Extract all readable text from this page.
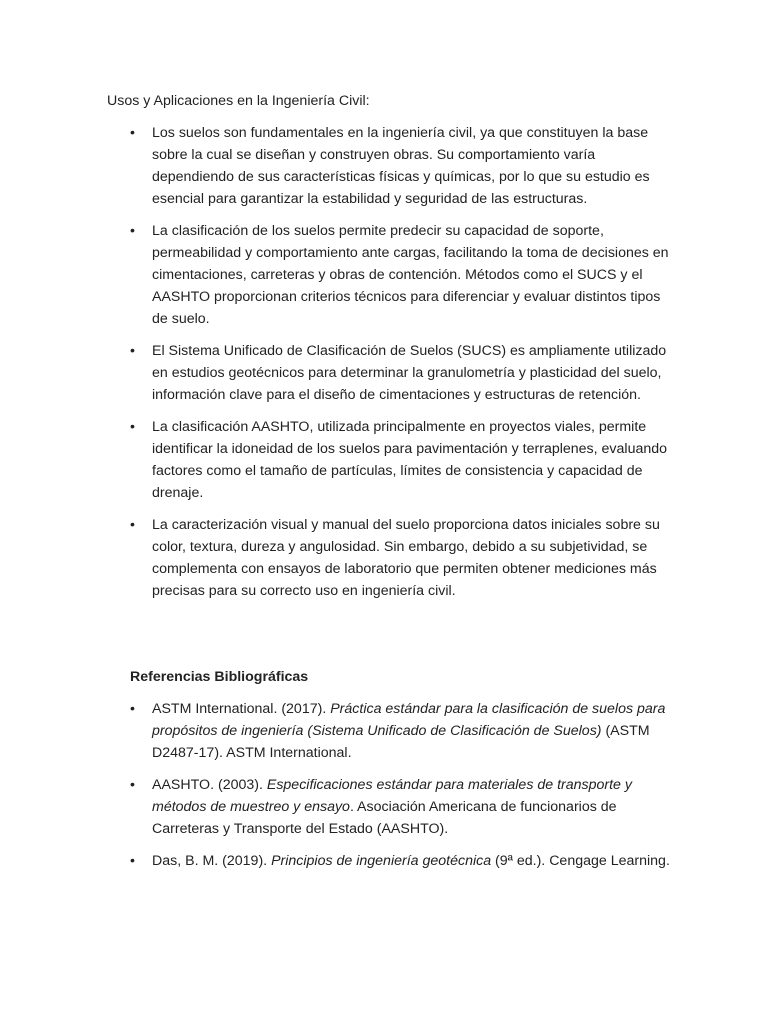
Usos y Aplicaciones en la Ingeniería Civil:

•	Los suelos son fundamentales en la ingeniería civil, ya que constituyen la base sobre la cual se diseñan y construyen obras. Su comportamiento varía dependiendo de sus características físicas y químicas, por lo que su estudio es esencial para garantizar la estabilidad y seguridad de las estructuras.
•	La clasificación de los suelos permite predecir su capacidad de soporte, permeabilidad y comportamiento ante cargas, facilitando la toma de decisiones en cimentaciones, carreteras y obras de contención. Métodos como el SUCS y el AASHTO proporcionan criterios técnicos para diferenciar y evaluar distintos tipos de suelo.
•	El Sistema Unificado de Clasificación de Suelos (SUCS) es ampliamente utilizado en estudios geotécnicos para determinar la granulometría y plasticidad del suelo, información clave para el diseño de cimentaciones y estructuras de retención.
•	La clasificación AASHTO, utilizada principalmente en proyectos viales, permite identificar la idoneidad de los suelos para pavimentación y terraplenes, evaluando factores como el tamaño de partículas, límites de consistencia y capacidad de drenaje.
•	La caracterización visual y manual del suelo proporciona datos iniciales sobre su color, textura, dureza y angulosidad. Sin embargo, debido a su subjetividad, se complementa con ensayos de laboratorio que permiten obtener mediciones más precisas para su correcto uso en ingeniería civil.

Referencias Bibliográficas

•	ASTM International. (2017). Práctica estándar para la clasificación de suelos para propósitos de ingeniería (Sistema Unificado de Clasificación de Suelos) (ASTM D2487-17). ASTM International.
•	AASHTO. (2003). Especificaciones estándar para materiales de transporte y métodos de muestreo y ensayo. Asociación Americana de funcionarios de Carreteras y Transporte del Estado (AASHTO).
•	Das, B. M. (2019). Principios de ingeniería geotécnica (9ª ed.). Cengage Learning.
